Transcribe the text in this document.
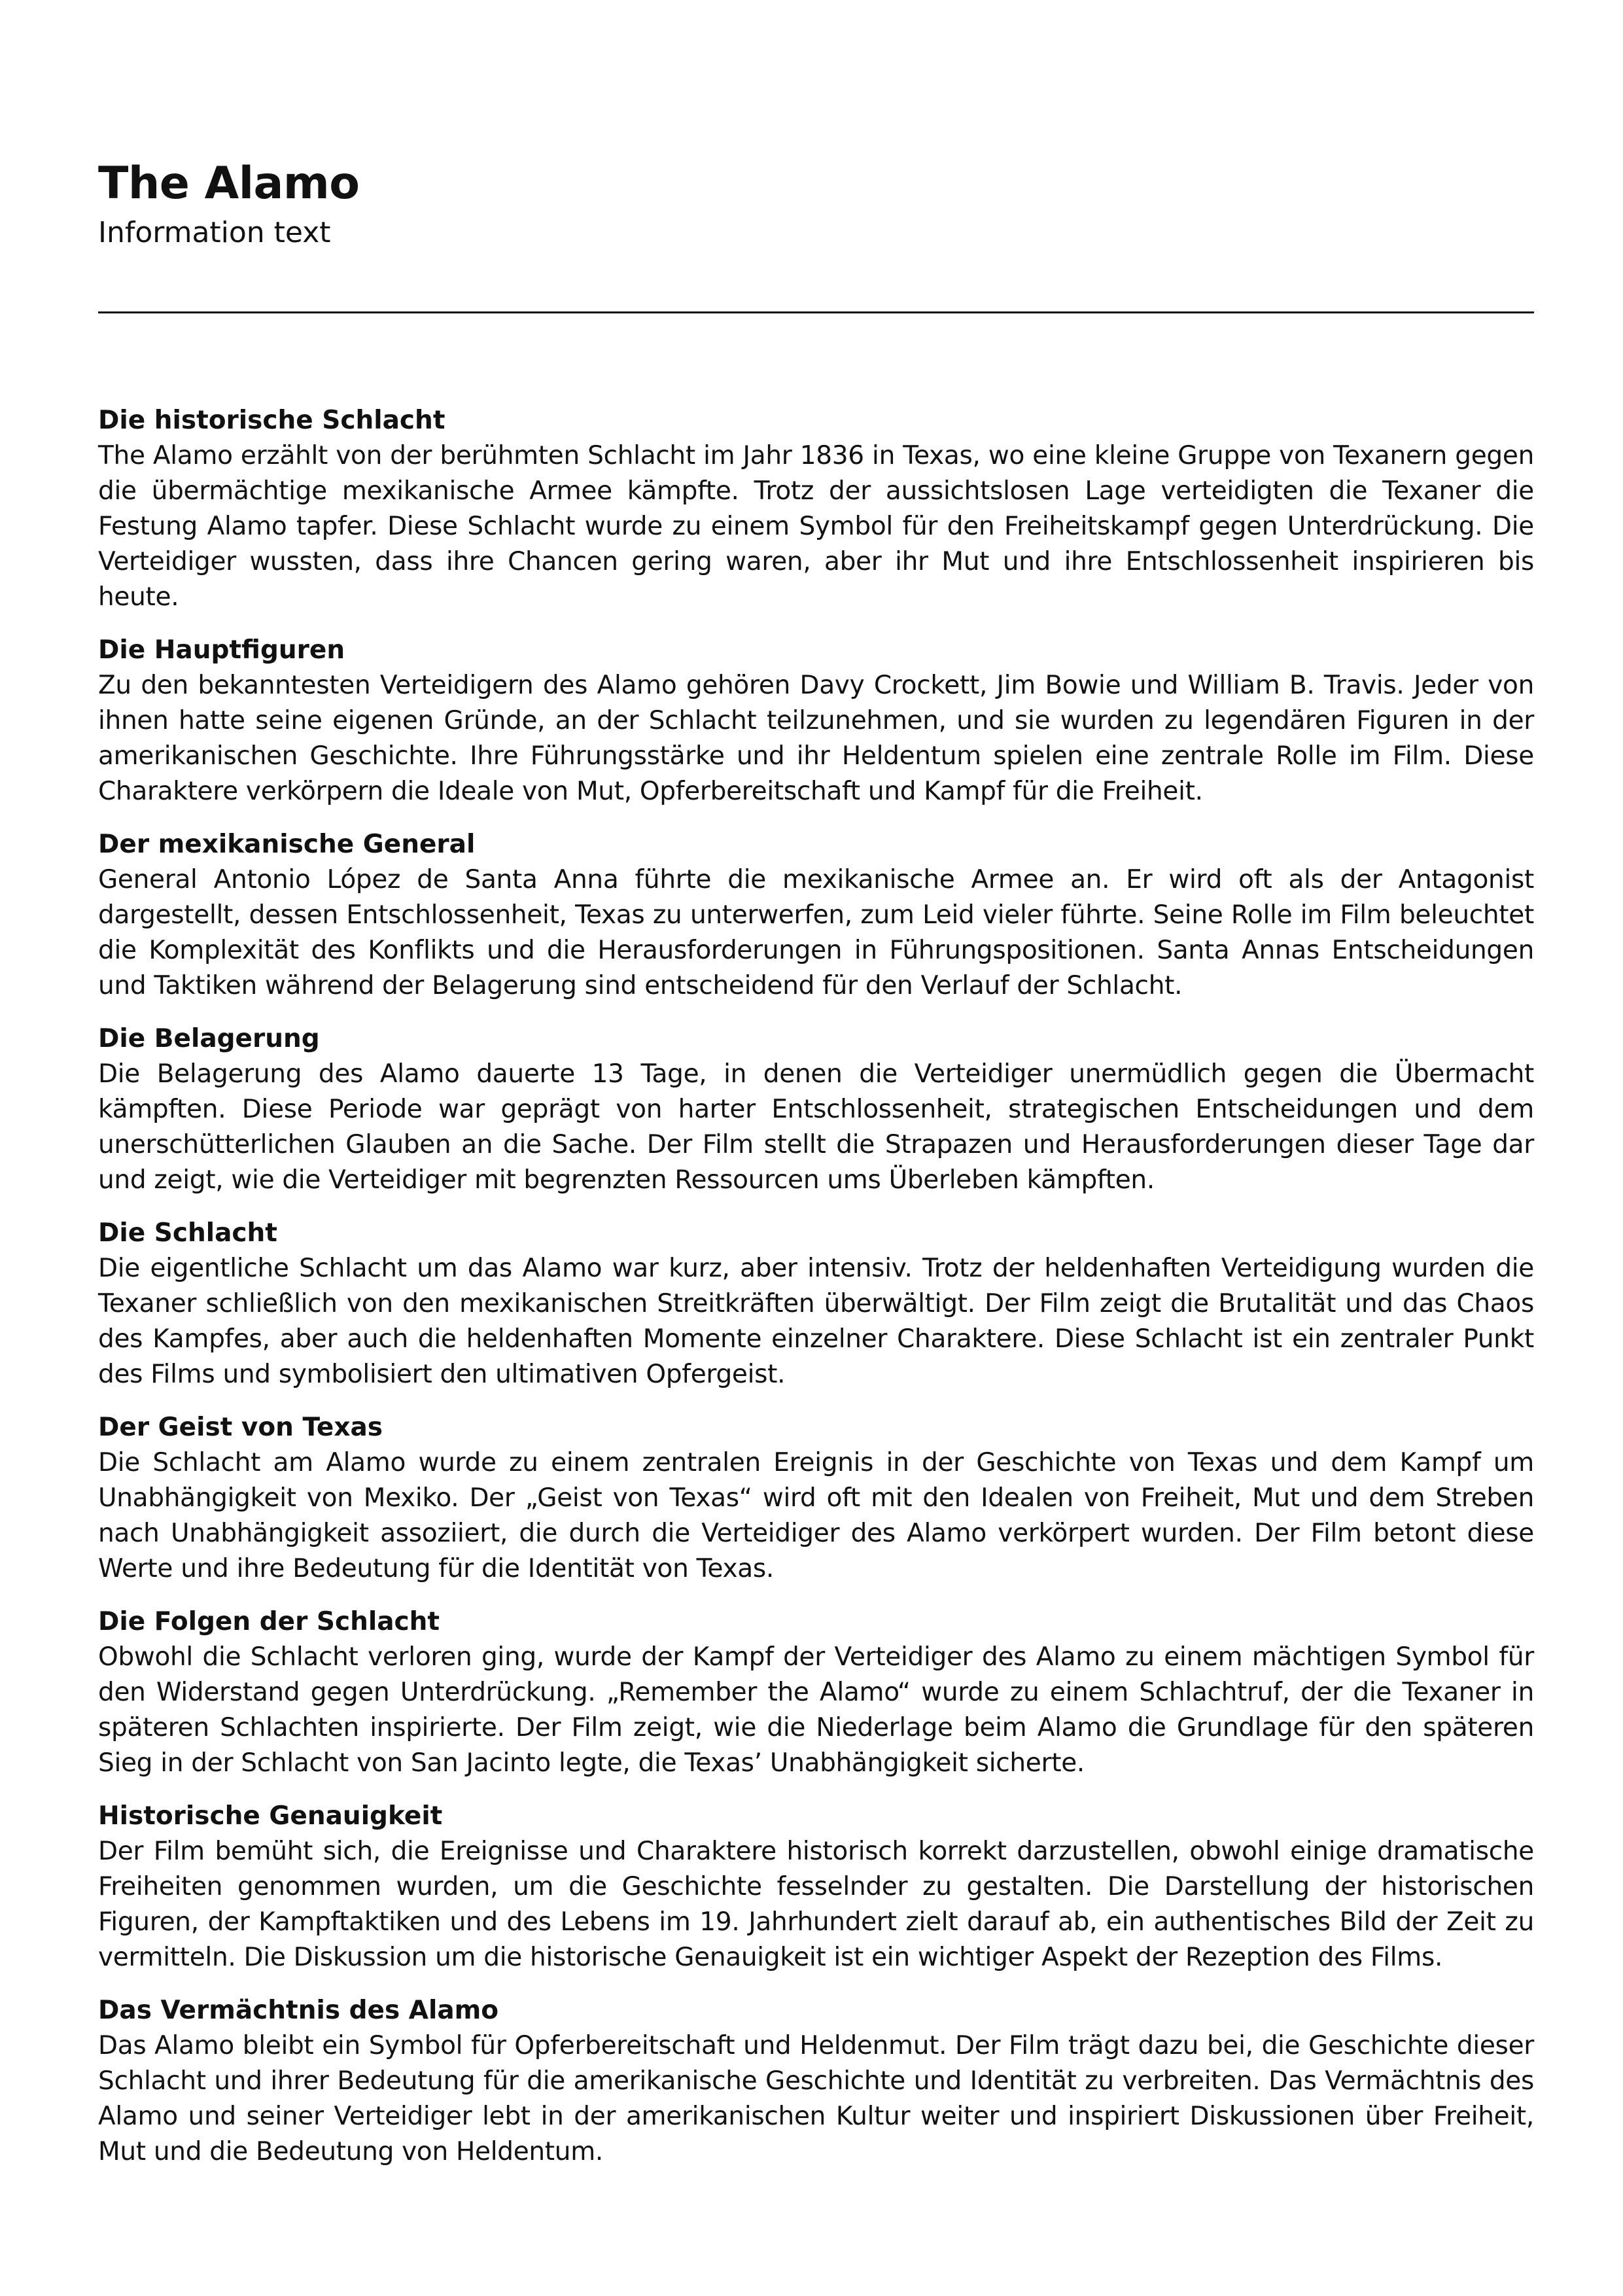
The Alamo

Information text

Die historische Schlacht

The Alamo erzählt von der berühmten Schlacht im Jahr 1836 in Texas, wo eine kleine Gruppe von Texanern gegen die übermächtige mexikanische Armee kämpfte. Trotz der aussichtslosen Lage verteidigten die Texaner die Festung Alamo tapfer. Diese Schlacht wurde zu einem Symbol für den Freiheitskampf gegen Unterdrückung. Die Verteidiger wussten, dass ihre Chancen gering waren, aber ihr Mut und ihre Entschlossenheit inspirieren bis heute.

Die Hauptfiguren

Zu den bekanntesten Verteidigern des Alamo gehören Davy Crockett, Jim Bowie und William B. Travis. Jeder von ihnen hatte seine eigenen Gründe, an der Schlacht teilzunehmen, und sie wurden zu legendären Figuren in der amerikanischen Geschichte. Ihre Führungsstärke und ihr Heldentum spielen eine zentrale Rolle im Film. Diese Charaktere verkörpern die Ideale von Mut, Opferbereitschaft und Kampf für die Freiheit.

Der mexikanische General

General Antonio López de Santa Anna führte die mexikanische Armee an. Er wird oft als der Antagonist dargestellt, dessen Entschlossenheit, Texas zu unterwerfen, zum Leid vieler führte. Seine Rolle im Film beleuchtet die Komplexität des Konflikts und die Herausforderungen in Führungspositionen. Santa Annas Entscheidungen und Taktiken während der Belagerung sind entscheidend für den Verlauf der Schlacht.

Die Belagerung

Die Belagerung des Alamo dauerte 13 Tage, in denen die Verteidiger unermüdlich gegen die Übermacht kämpften. Diese Periode war geprägt von harter Entschlossenheit, strategischen Entscheidungen und dem unerschütterlichen Glauben an die Sache. Der Film stellt die Strapazen und Herausforderungen dieser Tage dar und zeigt, wie die Verteidiger mit begrenzten Ressourcen ums Überleben kämpften.

Die Schlacht

Die eigentliche Schlacht um das Alamo war kurz, aber intensiv. Trotz der heldenhaften Verteidigung wurden die Texaner schließlich von den mexikanischen Streitkräften überwältigt. Der Film zeigt die Brutalität und das Chaos des Kampfes, aber auch die heldenhaften Momente einzelner Charaktere. Diese Schlacht ist ein zentraler Punkt des Films und symbolisiert den ultimativen Opfergeist.

Der Geist von Texas

Die Schlacht am Alamo wurde zu einem zentralen Ereignis in der Geschichte von Texas und dem Kampf um Unabhängigkeit von Mexiko. Der „Geist von Texas“ wird oft mit den Idealen von Freiheit, Mut und dem Streben nach Unabhängigkeit assoziiert, die durch die Verteidiger des Alamo verkörpert wurden. Der Film betont diese Werte und ihre Bedeutung für die Identität von Texas.

Die Folgen der Schlacht

Obwohl die Schlacht verloren ging, wurde der Kampf der Verteidiger des Alamo zu einem mächtigen Symbol für den Widerstand gegen Unterdrückung. „Remember the Alamo“ wurde zu einem Schlachtruf, der die Texaner in späteren Schlachten inspirierte. Der Film zeigt, wie die Niederlage beim Alamo die Grundlage für den späteren Sieg in der Schlacht von San Jacinto legte, die Texas’ Unabhängigkeit sicherte.

Historische Genauigkeit

Der Film bemüht sich, die Ereignisse und Charaktere historisch korrekt darzustellen, obwohl einige dramatische Freiheiten genommen wurden, um die Geschichte fesselnder zu gestalten. Die Darstellung der historischen Figuren, der Kampftaktiken und des Lebens im 19. Jahrhundert zielt darauf ab, ein authentisches Bild der Zeit zu vermitteln. Die Diskussion um die historische Genauigkeit ist ein wichtiger Aspekt der Rezeption des Films.

Das Vermächtnis des Alamo

Das Alamo bleibt ein Symbol für Opferbereitschaft und Heldenmut. Der Film trägt dazu bei, die Geschichte dieser Schlacht und ihrer Bedeutung für die amerikanische Geschichte und Identität zu verbreiten. Das Vermächtnis des Alamo und seiner Verteidiger lebt in der amerikanischen Kultur weiter und inspiriert Diskussionen über Freiheit, Mut und die Bedeutung von Heldentum.
